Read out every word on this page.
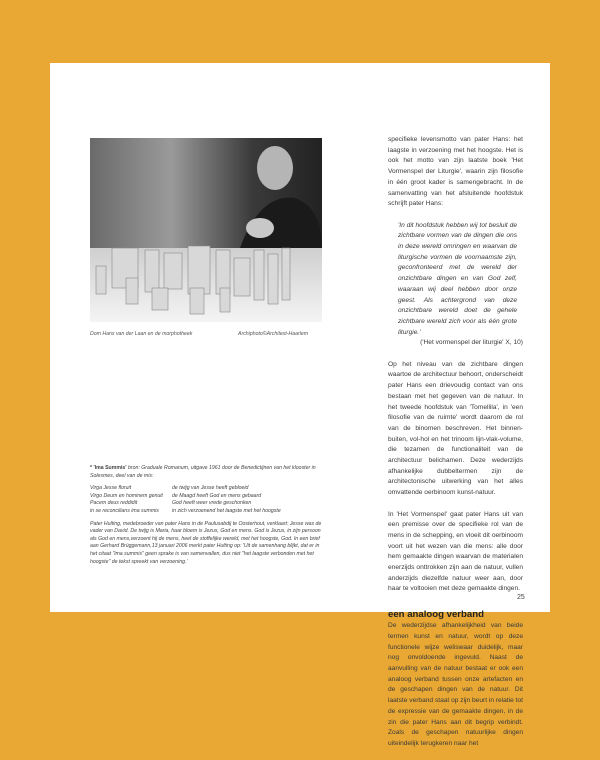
Dom Hans van der Laan en de morphotheek	Archiphoto©Architext-Haarlem

* 'Ima Summis' bron: Graduale Romanum, uitgave 1961 door de Benedictijnen van het klooster in Solesmes, deel van de mis:

Virga Jesse floruit	de twijg van Jesse heeft gebloeid
Virgo Deum en hominem genuit	de Maagd heeft God en mens gebaard
Pacem deus reddidit	God heeft weer vrede geschonken
in se reconcilians ima summis	in zich verzoenend het laagste met het hoogste

Pater Hulting, medebroeder van pater Hans in de Paulusabdij te Oosterhout, verklaart: Jesse was de vader van David. De twijg is Maria, haar bloem is Jezus, God en mens. God is Jezus, in zijn persoon als God en mens,verzoent hij de mens, heel de stoffelijke wereld, met het hoogste, God. In een brief aan Gerhard Brüggemann,13 januari 2006 merkt pater Hulting op: 'Uit de samenhang blijkt, dat er in het citaat "ima summis" geen sprake is van samenvallen, dus niet "het laagste verbonden met het hoogste" de tekst spreekt van verzoening.'

specifieke levensmotto van pater Hans: het laagste in verzoening met het hoogste. Het is ook het motto van zijn laatste boek 'Het Vormenspel der Liturgie', waarin zijn filosofie in één groot kader is samengebracht. In de samenvatting van het afsluitende hoofdstuk schrijft pater Hans:

'In dit hoofdstuk hebben wij tot besluit de zichtbare vormen van de dingen die ons in deze wereld omringen en waarvan de liturgische vormen de voornaamste zijn, geconfronteerd met de wereld der onzichtbare dingen en van God zelf, waaraan wij deel hebben door onze geest. Als achtergrond van deze onzichtbare wereld doet de gehele zichtbare wereld zich voor als één grote liturgie.'

('Het vormenspel der liturgie' X, 10)

Op het niveau van de zichtbare dingen waartoe de architectuur behoort, onderscheidt pater Hans een drievoudig contact van ons bestaan met het gegeven van de natuur. In het tweede hoofdstuk van 'Tomellila', in 'een filosofie van de ruimte' wordt daarom de rol van de binomen beschreven. Het binnen-buiten, vol-hol en het trinoom lijn-vlak-volume, die tezamen de functionaliteit van de architectuur belichamen. Deze wederzijds afhankelijke dubbeltermen zijn de architectonische uitwerking van het alles omvattende oerbinoom kunst-natuur.

In 'Het Vormenspel' gaat pater Hans uit van een premisse over de specifieke rol van de mens in de schepping, en vloeit dit oerbinoom voort uit het wezen van die mens: alle door hem gemaakte dingen waarvan de materialen enerzijds onttrokken zijn aan de natuur, vullen anderzijds diezelfde natuur weer aan, door haar te voltooien met deze gemaakte dingen.

een analoog verband

De wederzijdse afhankelijkheid van beide termen kunst en natuur, wordt op deze functionele wijze weliswaar duidelijk, maar nog onvoldoende ingevuld. Naast de aanvulling van de natuur bestaat er ook een analoog verband tussen onze artefacten en de geschapen dingen van de natuur. Dit laatste verband staat op zijn beurt in relatie tot de expressie van de gemaakte dingen, in de zin die pater Hans aan dit begrip verbindt. Zoals de geschapen natuurlijke dingen uiteindelijk terugkeren naar het

25
